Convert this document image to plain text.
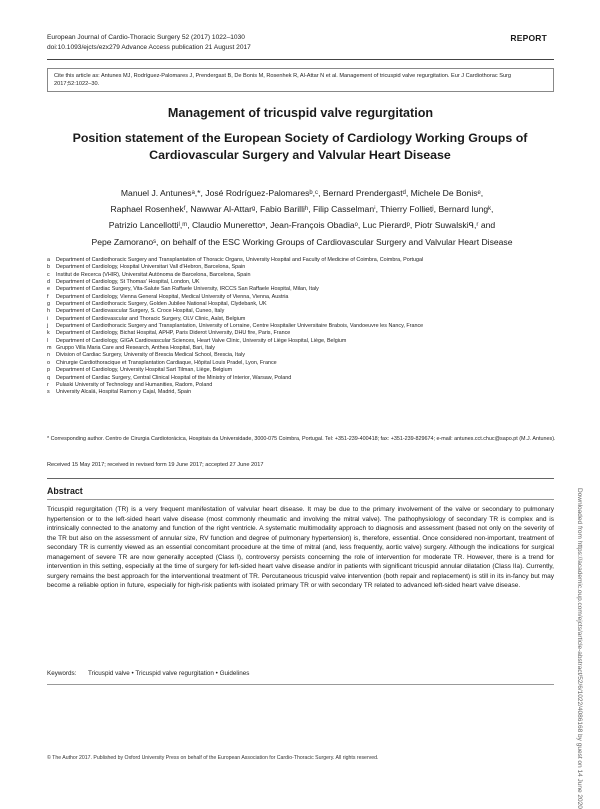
European Journal of Cardio-Thoracic Surgery 52 (2017) 1022–1030
doi:10.1093/ejcts/ezx279 Advance Access publication 21 August 2017
REPORT
Cite this article as: Antunes MJ, Rodríguez-Palomares J, Prendergast B, De Bonis M, Rosenhek R, Al-Attar N et al. Management of tricuspid valve regurgitation. Eur J Cardiothorac Surg 2017;52:1022–30.
Management of tricuspid valve regurgitation
Position statement of the European Society of Cardiology Working Groups of Cardiovascular Surgery and Valvular Heart Disease
Manuel J. Antunesᵃ,*, José Rodríguez-Palomaresᵇ,ᶜ, Bernard Prendergastᵈ, Michele De Bonisᵉ,
Raphael Rosenhekᶠ, Nawwar Al-Attarᵍ, Fabio Barilliʰ, Filip Casselmanⁱ, Thierry Follietʲ, Bernard Iungᵏ,
Patrizio Lancellottiˡ,ᵐ, Claudio Munerettoⁿ, Jean-François Obadiaᵒ, Luc Pierardᵖ, Piotr Suwalskiᑫ,ʳ and
Pepe Zamoranoˢ, on behalf of the ESC Working Groups of Cardiovascular Surgery and Valvular Heart Disease
a Department of Cardiothoracic Surgery and Transplantation of Thoracic Organs, University Hospital and Faculty of Medicine of Coimbra, Coimbra, Portugal
b Department of Cardiology, Hospital Universitari Vall d'Hebron, Barcelona, Spain
c Institut de Recerca (VHIR), Universitat Autònoma de Barcelona, Barcelona, Spain
d Department of Cardiology, St Thomas' Hospital, London, UK
e Department of Cardiac Surgery, Vita-Salute San Raffaele University, IRCCS San Raffaele Hospital, Milan, Italy
f Department of Cardiology, Vienna General Hospital, Medical University of Vienna, Vienna, Austria
g Department of Cardiothoracic Surgery, Golden Jubilee National Hospital, Clydebank, UK
h Department of Cardiovascular Surgery, S. Croce Hospital, Cuneo, Italy
i Department of Cardiovascular and Thoracic Surgery, OLV Clinic, Aalst, Belgium
j Department of Cardiothoracic Surgery and Transplantation, University of Lorraine, Centre Hospitalier Universitaire Brabois, Vandoeuvre les Nancy, France
k Department of Cardiology, Bichat Hospital, APHP, Paris Diderot University, DHU fire, Paris, France
l Department of Cardiology, GIGA Cardiovascular Sciences, Heart Valve Clinic, University of Liège Hospital, Liège, Belgium
m Gruppo Villa Maria Care and Research, Anthea Hospital, Bari, Italy
n Division of Cardiac Surgery, University of Brescia Medical School, Brescia, Italy
o Chirurgie Cardiothoracique et Transplantation Cardiaque, Hôpital Louis Pradel, Lyon, France
p Department of Cardiology, University Hospital Sart Tilman, Liège, Belgium
q Department of Cardiac Surgery, Central Clinical Hospital of the Ministry of Interior, Warsaw, Poland
r Pulaski University of Technology and Humanities, Radom, Poland
s University Alcalá, Hospital Ramon y Cajal, Madrid, Spain
* Corresponding author. Centro de Cirurgia Cardiotorácica, Hospitais da Universidade, 3000-075 Coimbra, Portugal. Tel: +351-239-400418; fax: +351-239-829674; e-mail: antunes.cct.chuc@sapo.pt (M.J. Antunes).
Received 15 May 2017; received in revised form 19 June 2017; accepted 27 June 2017
Abstract
Tricuspid regurgitation (TR) is a very frequent manifestation of valvular heart disease. It may be due to the primary involvement of the valve or secondary to pulmonary hypertension or to the left-sided heart valve disease (most commonly rheumatic and involving the mitral valve). The pathophysiology of secondary TR is complex and is intrinsically connected to the anatomy and function of the right ventricle. A systematic multimodality approach to diagnosis and assessment (based not only on the severity of the TR but also on the assessment of annular size, RV function and degree of pulmonary hypertension) is, therefore, essential. Once considered non-important, treatment of secondary TR is currently viewed as an essential concomitant procedure at the time of mitral (and, less frequently, aortic valve) surgery. Although the indications for surgical management of severe TR are now generally accepted (Class I), controversy persists concerning the role of intervention for moderate TR. However, there is a trend for intervention in this setting, especially at the time of surgery for left-sided heart valve disease and/or in patients with significant tricuspid annular dilatation (Class IIa). Currently, surgery remains the best approach for the interventional treatment of TR. Percutaneous tricuspid valve intervention (both repair and replacement) is still in its in-fancy but may become a reliable option in future, especially for high-risk patients with isolated primary TR or with secondary TR related to advanced left-sided heart valve disease.
Keywords: Tricuspid valve • Tricuspid valve regurgitation • Guidelines
© The Author 2017. Published by Oxford University Press on behalf of the European Association for Cardio-Thoracic Surgery. All rights reserved.	Downloaded from https://academic.oup.com/ejcts/article-abstract/52/6/1022/4086168 by guest on 14 June 2020
